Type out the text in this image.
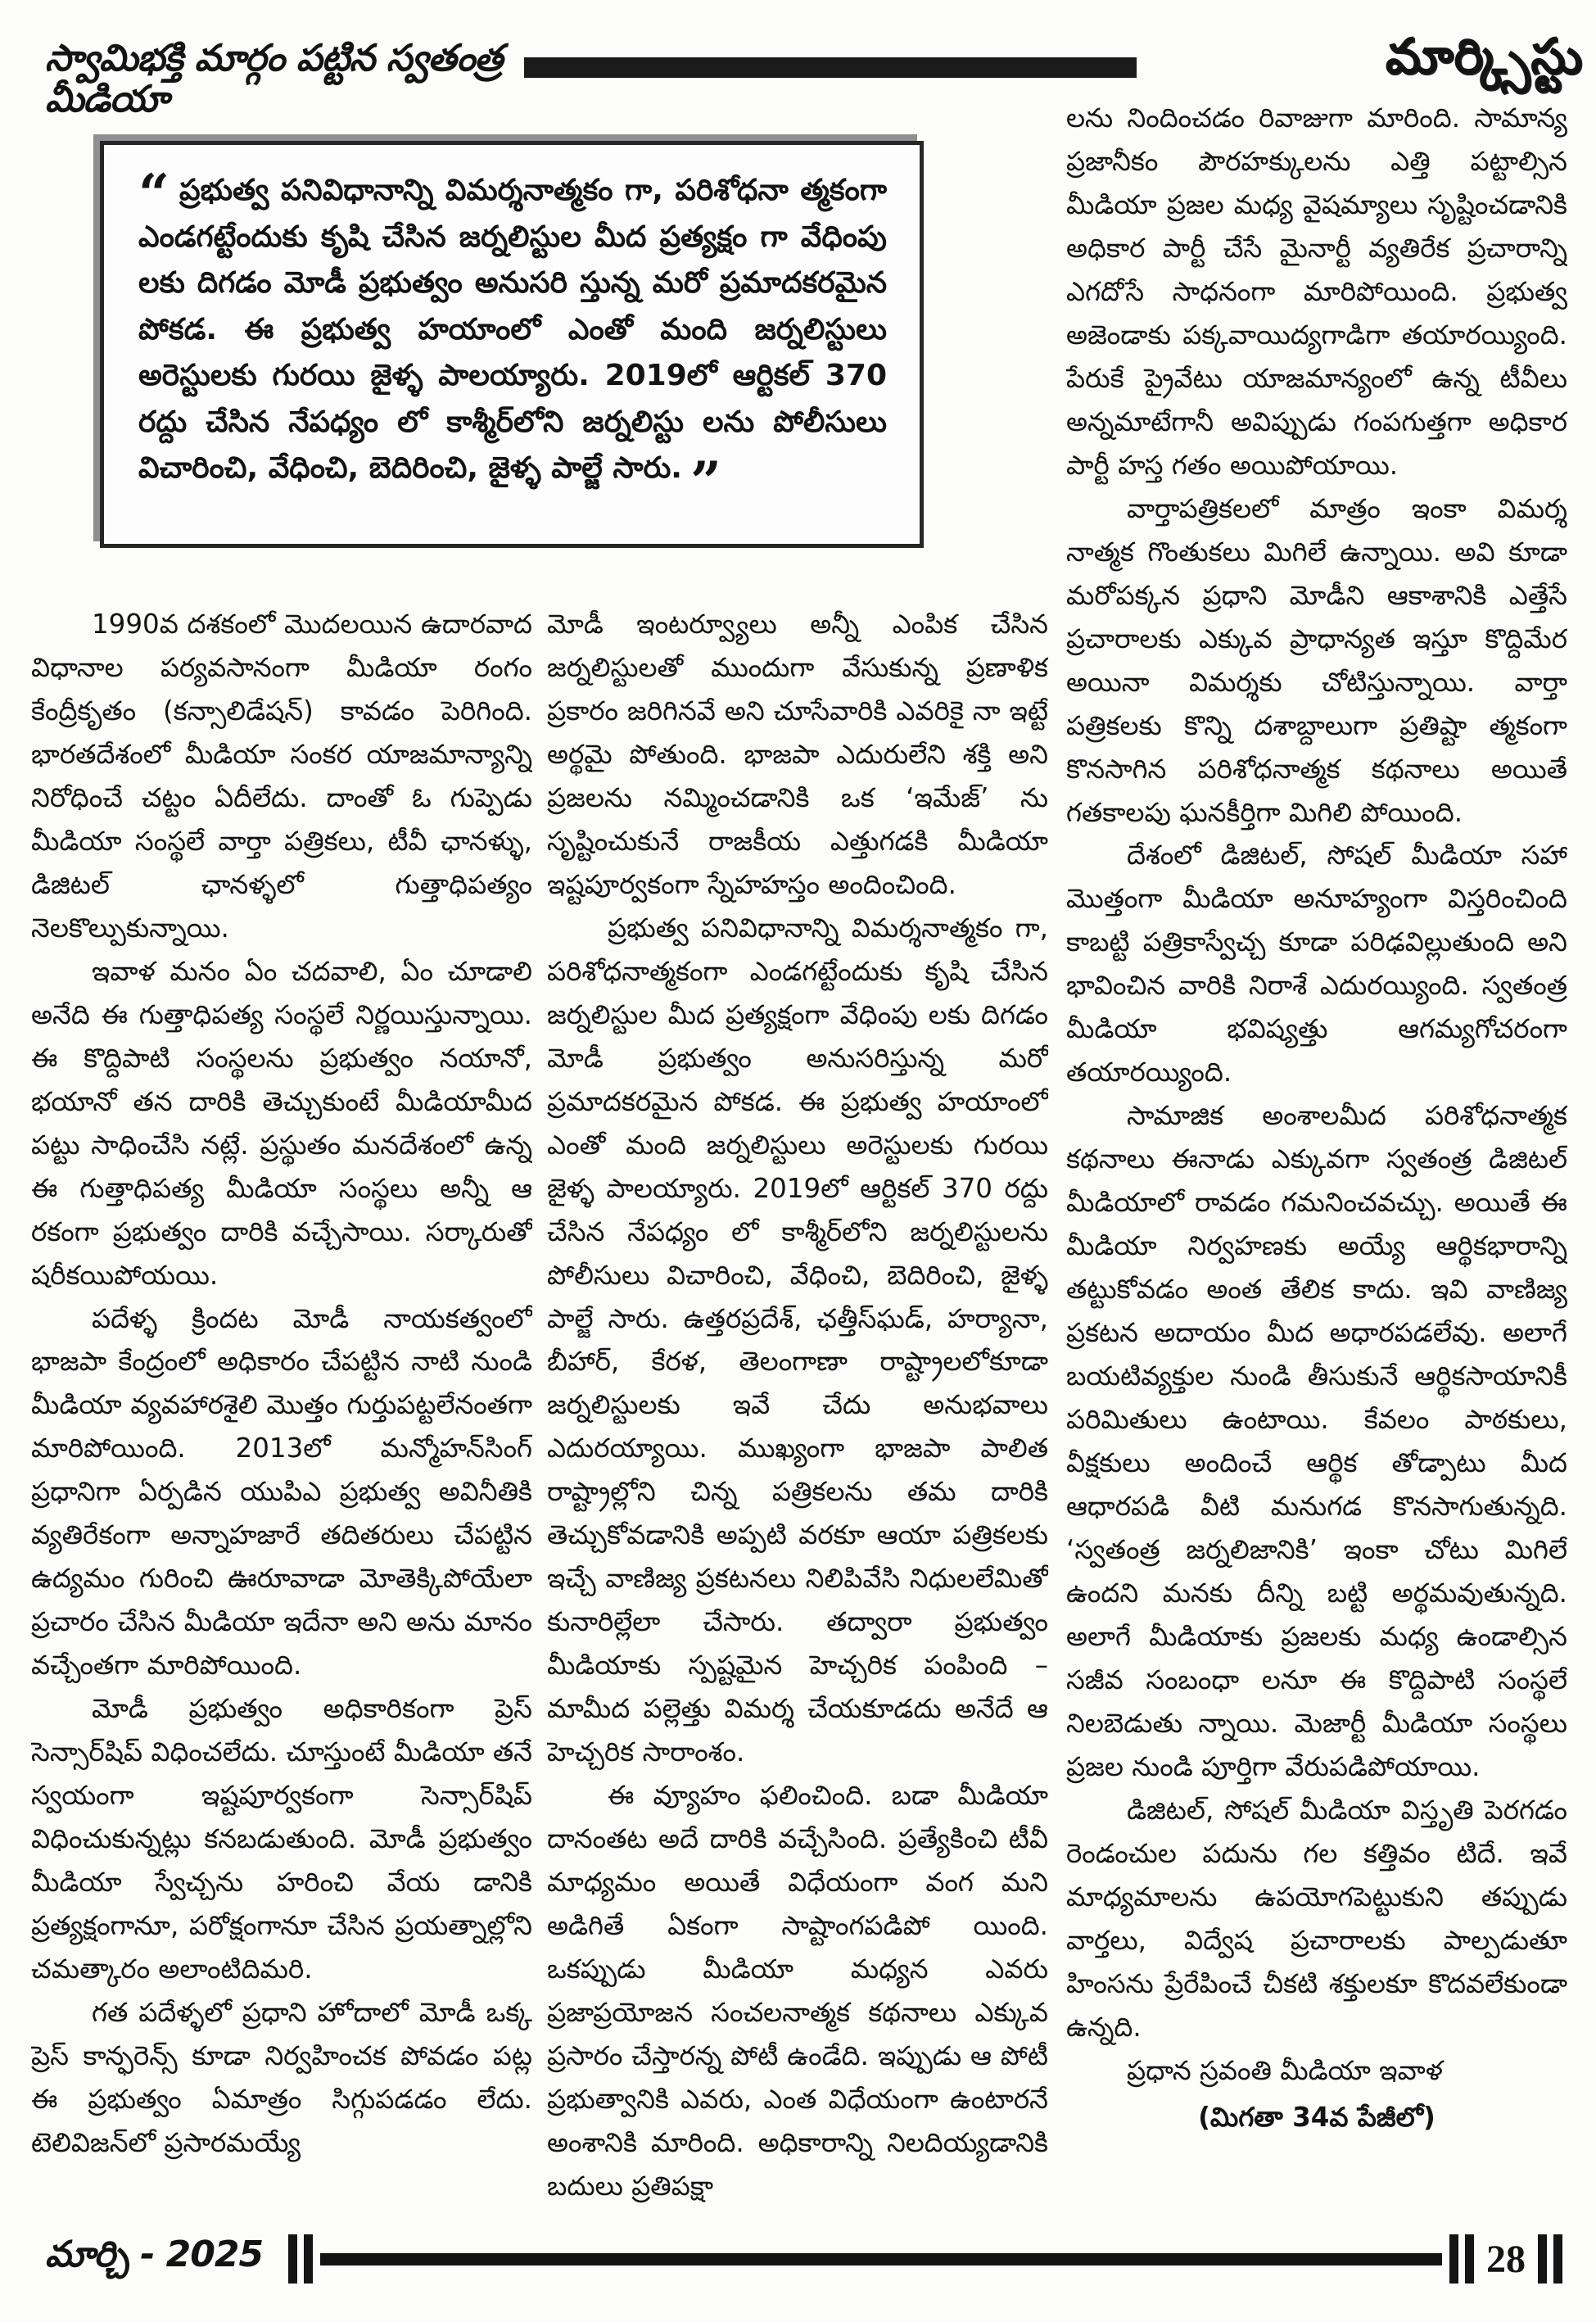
స్వామిభక్తి మార్గం పట్టిన స్వతంత్ర మీడియా
మార్క్సిస్టు
“ ప్రభుత్వ పనివిధానాన్ని విమర్శనాత్మకం గా, పరిశోధనా త్మకంగా ఎండగట్టేందుకు కృషి చేసిన జర్నలిస్టుల మీద ప్రత్యక్షం గా వేధింపు లకు దిగడం మోడీ ప్రభుత్వం అనుసరి స్తున్న మరో ప్రమాదకరమైన పోకడ. ఈ ప్రభుత్వ హయాంలో ఎంతో మంది జర్నలిస్టులు అరెస్టులకు గురయి జైళ్ళ పాలయ్యారు. 2019లో ఆర్టికల్ 370 రద్దు చేసిన నేపధ్యం లో కాశ్మీర్‌లోని జర్నలిస్టు లను పోలీసులు విచారించి, వేధించి, బెదిరించి, జైళ్ళ పాల్జే సారు. ”

1990వ దశకంలో మొదలయిన ఉదారవాద విధానాల పర్యవసానంగా మీడియా రంగం కేంద్రీకృతం (కన్సాలిడేషన్) కావడం పెరిగింది. భారతదేశంలో మీడియా సంకర యాజమాన్యాన్ని నిరోధించే చట్టం ఏదీలేదు. దాంతో ఓ గుప్పెడు మీడియా సంస్థలే వార్తా పత్రికలు, టీవీ ఛానళ్ళు, డిజిటల్ ఛానళ్ళలో గుత్తాధిపత్యం నెలకొల్పుకున్నాయి.

ఇవాళ మనం ఏం చదవాలి, ఏం చూడాలి అనేది ఈ గుత్తాధిపత్య సంస్థలే నిర్ణయిస్తున్నాయి. ఈ కొద్దిపాటి సంస్థలను ప్రభుత్వం నయానో, భయానో తన దారికి తెచ్చుకుంటే మీడియామీద పట్టు సాధించేసి నట్లే. ప్రస్థుతం మనదేశంలో ఉన్న ఈ గుత్తాధిపత్య మీడియా సంస్థలు అన్నీ ఆ రకంగా ప్రభుత్వం దారికి వచ్చేసాయి. సర్కారుతో షరీకయిపోయయి.

పదేళ్ళ క్రిందట మోడీ నాయకత్వంలో భాజపా కేంద్రంలో అధికారం చేపట్టిన నాటి నుండి మీడియా వ్యవహారశైలి మొత్తం గుర్తుపట్టలేనంతగా మారిపోయింది. 2013లో మన్మోహన్‌సింగ్ ప్రధానిగా ఏర్పడిన యుపిఎ ప్రభుత్వ అవినీతికి వ్యతిరేకంగా అన్నాహజారే తదితరులు చేపట్టిన ఉద్యమం గురించి ఊరూవాడా మోతెక్కిపోయేలా ప్రచారం చేసిన మీడియా ఇదేనా అని అను మానం వచ్చేంతగా మారిపోయింది.

మోడీ ప్రభుత్వం అధికారికంగా ప్రెస్ సెన్సార్‌షిప్ విధించలేదు. చూస్తుంటే మీడియా తనే స్వయంగా ఇష్టపూర్వకంగా సెన్సార్‌షిప్ విధించుకున్నట్లు కనబడుతుంది. మోడీ ప్రభుత్వం మీడియా స్వేచ్చను హరించి వేయ డానికి ప్రత్యక్షంగానూ, పరోక్షంగానూ చేసిన ప్రయత్నాల్లోని చమత్కారం అలాంటిదిమరి.

గత పదేళ్ళలో ప్రధాని హోదాలో మోడీ ఒక్క ప్రెస్ కాన్ఫరెన్స్ కూడా నిర్వహించక పోవడం పట్ల ఈ ప్రభుత్వం ఏమాత్రం సిగ్గుపడడం లేదు. టెలివిజన్‌లో ప్రసారమయ్యే

మోడీ ఇంటర్వ్యూలు అన్నీ ఎంపిక చేసిన జర్నలిస్టులతో ముందుగా వేసుకున్న ప్రణాళిక ప్రకారం జరిగినవే అని చూసేవారికి ఎవరికై నా ఇట్టే అర్థమై పోతుంది. భాజపా ఎదురులేని శక్తి అని ప్రజలను నమ్మించడానికి ఒక ‘ఇమేజ్’ ను సృష్టించుకునే రాజకీయ ఎత్తుగడకి మీడియా ఇష్టపూర్వకంగా స్నేహహస్తం అందించింది.

ప్రభుత్వ పనివిధానాన్ని విమర్శనాత్మకం గా, పరిశోధనాత్మకంగా ఎండగట్టేందుకు కృషి చేసిన జర్నలిస్టుల మీద ప్రత్యక్షంగా వేధింపు లకు దిగడం మోడీ ప్రభుత్వం అనుసరిస్తున్న మరో ప్రమాదకరమైన పోకడ. ఈ ప్రభుత్వ హయాంలో ఎంతో మంది జర్నలిస్టులు అరెస్టులకు గురయి జైళ్ళ పాలయ్యారు. 2019లో ఆర్టికల్ 370 రద్దు చేసిన నేపధ్యం లో కాశ్మీర్‌లోని జర్నలిస్టులను పోలీసులు విచారించి, వేధించి, బెదిరించి, జైళ్ళ పాల్జే సారు. ఉత్తరప్రదేశ్, ఛత్తీస్‌ఘడ్, హర్యానా, బీహార్, కేరళ, తెలంగాణా రాష్ట్రాలలోకూడా జర్నలిస్టులకు ఇవే చేదు అనుభవాలు ఎదురయ్యాయి. ముఖ్యంగా భాజపా పాలిత రాష్ట్రాల్లోని చిన్న పత్రికలను తమ దారికి తెచ్చుకోవడానికి అప్పటి వరకూ ఆయా పత్రికలకు ఇచ్చే వాణిజ్య ప్రకటనలు నిలిపివేసి నిధులలేమితో కునారిల్లేలా చేసారు. తద్వారా ప్రభుత్వం మీడియాకు స్పష్టమైన హెచ్చరిక పంపింది – మామీద పల్లెత్తు విమర్శ చేయకూడదు అనేదే ఆ హెచ్చరిక సారాంశం.

ఈ వ్యూహం ఫలించింది. బడా మీడియా దానంతట అదే దారికి వచ్చేసింది. ప్రత్యేకించి టీవీ మాధ్యమం అయితే విధేయంగా వంగ మని అడిగితే ఏకంగా సాష్టాంగపడిపో యింది. ఒకప్పుడు మీడియా మధ్యన ఎవరు ప్రజాప్రయోజన సంచలనాత్మక కథనాలు ఎక్కువ ప్రసారం చేస్తారన్న పోటీ ఉండేది. ఇప్పుడు ఆ పోటీ ప్రభుత్వానికి ఎవరు, ఎంత విధేయంగా ఉంటారనే అంశానికి మారింది. అధికారాన్ని నిలదియ్యడానికి బదులు ప్రతిపక్షా

లను నిందించడం రివాజుగా మారింది. సామాన్య ప్రజానీకం పౌరహక్కులను ఎత్తి పట్టాల్సిన మీడియా ప్రజల మధ్య వైషమ్యాలు సృష్టించడానికి అధికార పార్టీ చేసే మైనార్టీ వ్యతిరేక ప్రచారాన్ని ఎగదోసే సాధనంగా మారిపోయింది. ప్రభుత్వ అజెండాకు పక్కవాయిద్యగాడిగా తయారయ్యింది. పేరుకే ప్రైవేటు యాజమాన్యంలో ఉన్న టీవీలు అన్నమాటేగానీ అవిప్పుడు గంపగుత్తగా అధికార పార్టీ హస్త గతం అయిపోయాయి.

వార్తాపత్రికలలో మాత్రం ఇంకా విమర్శ నాత్మక గొంతుకలు మిగిలే ఉన్నాయి. అవి కూడా మరోపక్కన ప్రధాని మోడీని ఆకాశానికి ఎత్తేసే ప్రచారాలకు ఎక్కువ ప్రాధాన్యత ఇస్తూ కొద్దిమేర అయినా విమర్శకు చోటిస్తున్నాయి. వార్తా పత్రికలకు కొన్ని దశాబ్దాలుగా ప్రతిష్టా త్మకంగా కొనసాగిన పరిశోధనాత్మక కథనాలు అయితే గతకాలపు ఘనకీర్తిగా మిగిలి పోయింది.

దేశంలో డిజిటల్, సోషల్ మీడియా సహా మొత్తంగా మీడియా అనూహ్యంగా విస్తరించింది కాబట్టి పత్రికాస్వేచ్చ కూడా పరిఢవిల్లుతుంది అని భావించిన వారికి నిరాశే ఎదురయ్యింది. స్వతంత్ర మీడియా భవిష్యత్తు ఆగమ్యగోచరంగా తయారయ్యింది.

సామాజిక అంశాలమీద పరిశోధనాత్మక కథనాలు ఈనాడు ఎక్కువగా స్వతంత్ర డిజిటల్ మీడియాలో రావడం గమనించవచ్చు. అయితే ఈ మీడియా నిర్వహణకు అయ్యే ఆర్థికభారాన్ని తట్టుకోవడం అంత తేలిక కాదు. ఇవి వాణిజ్య ప్రకటన అదాయం మీద అధారపడలేవు. అలాగే బయటివ్యక్తుల నుండి తీసుకునే ఆర్థికసాయానికీ పరిమితులు ఉంటాయి. కేవలం పాఠకులు, వీక్షకులు అందించే ఆర్థిక తోడ్పాటు మీద ఆధారపడి వీటి మనుగడ కొనసాగుతున్నది. ‘స్వతంత్ర జర్నలిజానికి’ ఇంకా చోటు మిగిలే ఉందని మనకు దీన్ని బట్టి అర్థమవుతున్నది. అలాగే మీడియాకు ప్రజలకు మధ్య ఉండాల్సిన సజీవ సంబంధా లనూ ఈ కొద్దిపాటి సంస్థలే నిలబెడుతు న్నాయి. మెజార్టీ మీడియా సంస్థలు ప్రజల నుండి పూర్తిగా వేరుపడిపోయాయి.

డిజిటల్, సోషల్ మీడియా విస్తృతి పెరగడం రెండంచుల పదును గల కత్తివం టిదే. ఇవే మాధ్యమాలను ఉపయోగపెట్టుకుని తప్పుడు వార్తలు, విద్వేష ప్రచారాలకు పాల్పడుతూ హింసను ప్రేరేపించే చీకటి శక్తులకూ కొదవలేకుండా ఉన్నది.

ప్రధాన స్రవంతి మీడియా ఇవాళ

(మిగతా 34వ పేజీలో)

మార్చి - 2025	28
